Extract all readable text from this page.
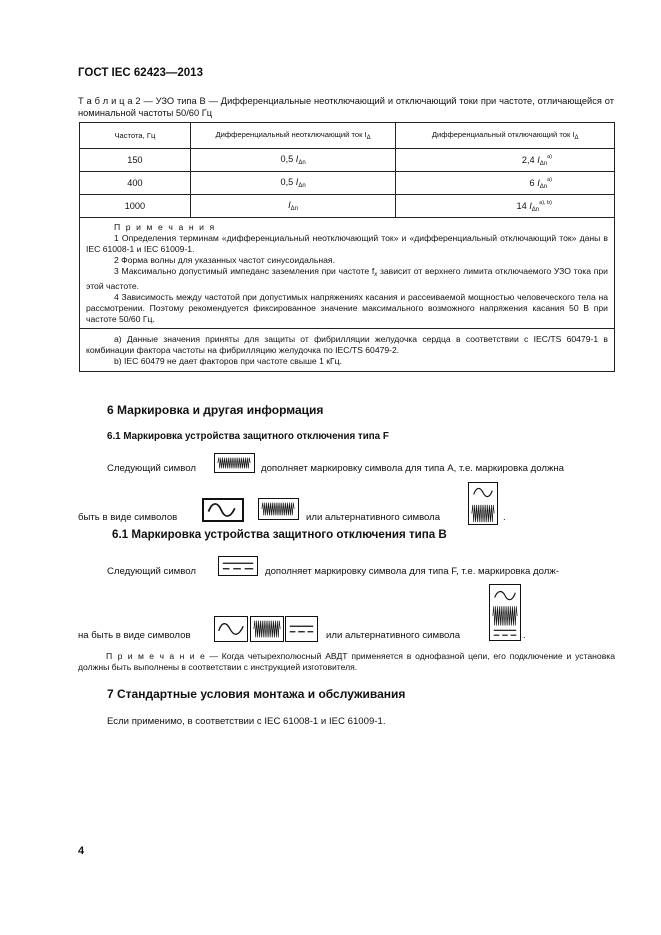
ГОСТ IEC 62423—2013
Т а б л и ц а 2 — УЗО типа В — Дифференциальные неотключающий и отключающий токи при частоте, отличающейся от номинальной частоты 50/60 Гц
Частота, Гц	Дифференциальный неотключающий ток $I_\Delta$	Дифференциальный отключающий ток $I_\Delta$
150	0,5 $I_{\Delta n}$	2,4 $I_{\Delta n}^{a)}$
400	0,5 $I_{\Delta n}$	6 $I_{\Delta n}^{a)}$
1000	$I_{\Delta n}$	14 $I_{\Delta n}^{a), b)}$

П р и м е ч а н и я

1 Определения терминам «дифференциальный неотключающий ток» и «дифференциальный отключающий ток» даны в IEC 61008-1 и IEC 61009-1.

2 Форма волны для указанных частот синусоидальная.

3 Максимально допустимый импеданс заземления при частоте $f_x$ зависит от верхнего лимита отключаемого УЗО тока при этой частоте.

4 Зависимость между частотой при допустимых напряжениях касания и рассеиваемой мощностью человеческого тела на рассмотрении. Поэтому рекомендуется фиксированное значение максимального возможного напряжения касания 50 В при частоте 50/60 Гц.		

a) Данные значения приняты для защиты от фибрилляции желудочка сердца в соответствии с IEC/TS 60479-1 в комбинации фактора частоты на фибрилляцию желудочка по IEC/TS 60479-2.

b) IEC 60479 не дает факторов при частоте свыше 1 кГц.		

6 Маркировка и другая информация
6.1 Маркировка устройства защитного отключения типа F
Следующий символ	дополняет маркировку символа для типа А, т.е. маркировка должна
быть в виде символов	или альтернативного символа	.
6.1 Маркировка устройства защитного отключения типа В
Следующий символ	дополняет маркировку символа для типа F, т.е. маркировка долж-
на быть в виде символов	или альтернативного символа	.
П р и м е ч а н и е — Когда четырехполюсный АВДТ применяется в однофазной цепи, его подключение и установка должны быть выполнены в соответствии с инструкцией изготовителя.
7 Стандартные условия монтажа и обслуживания
Если применимо, в соответствии с IEC 61008-1 и IEC 61009-1.
4
